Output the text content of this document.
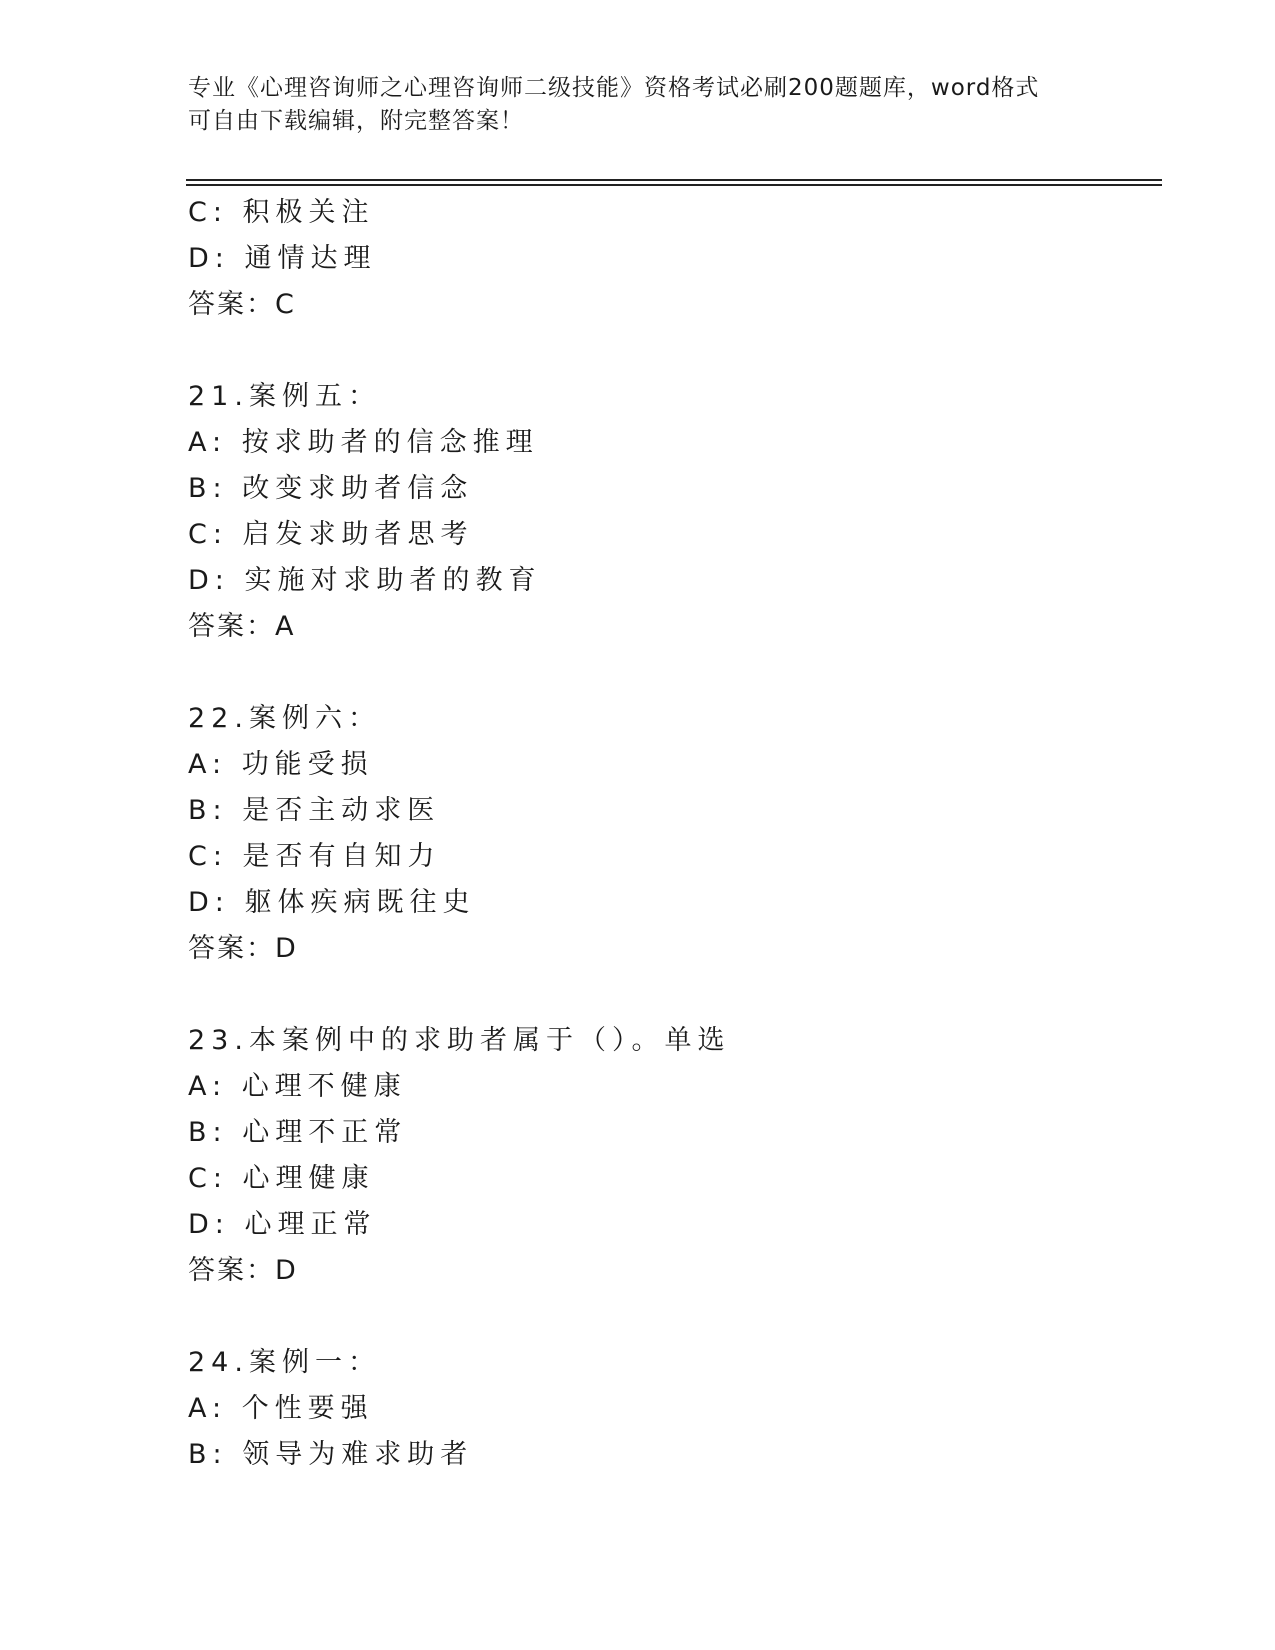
专业《心理咨询师之心理咨询师二级技能》资格考试必刷200题题库，word格式
可自由下载编辑，附完整答案！
C: 积极关注
D: 通情达理
答案：C
21.案例五：
A: 按求助者的信念推理
B: 改变求助者信念
C: 启发求助者思考
D: 实施对求助者的教育
答案：A
22.案例六：
A: 功能受损
B: 是否主动求医
C: 是否有自知力
D: 躯体疾病既往史
答案：D
23.本案例中的求助者属于（）。单选
A: 心理不健康
B: 心理不正常
C: 心理健康
D: 心理正常
答案：D
24.案例一：
A: 个性要强
B: 领导为难求助者
